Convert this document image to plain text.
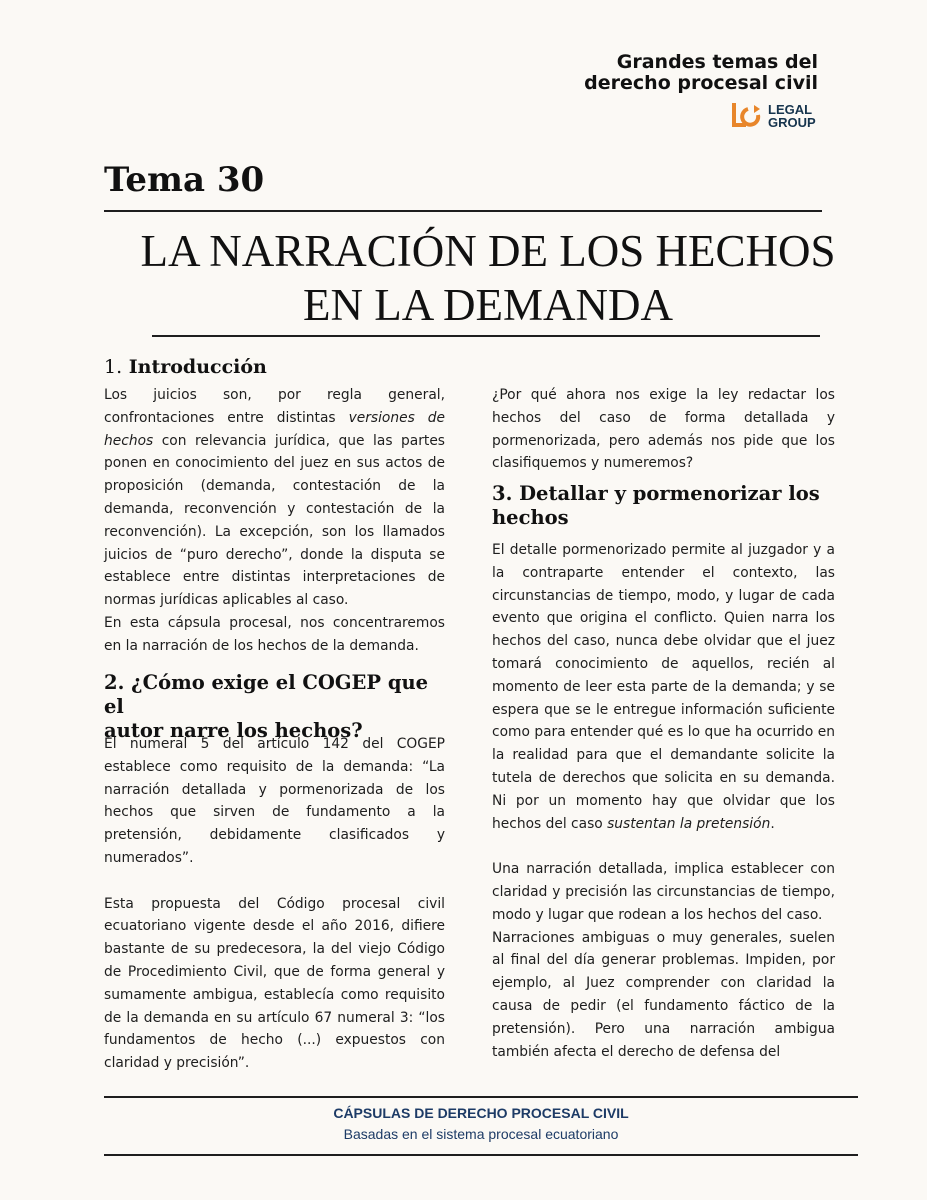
Grandes temas del
derecho procesal civil
LEGAL
GROUP
Tema 30
LA NARRACIÓN DE LOS HECHOS
EN LA DEMANDA
1. Introducción

Los juicios son, por regla general, confrontaciones entre distintas versiones de hechos con relevancia jurídica, que las partes ponen en conocimiento del juez en sus actos de proposición (demanda, contestación de la demanda, reconvención y contestación de la reconvención). La excepción, son los llamados juicios de “puro derecho”, donde la disputa se establece entre distintas interpretaciones de normas jurídicas aplicables al caso.

En esta cápsula procesal, nos concentraremos en la narración de los hechos de la demanda.

2. ¿Cómo exige el COGEP que el
autor narre los hechos?

El numeral 5 del artículo 142 del COGEP establece como requisito de la demanda: “La narración detallada y pormenorizada de los hechos que sirven de fundamento a la pretensión, debidamente clasificados y numerados”.

Esta propuesta del Código procesal civil ecuatoriano vigente desde el año 2016, difiere bastante de su predecesora, la del viejo Código de Procedimiento Civil, que de forma general y sumamente ambigua, establecía como requisito de la demanda en su artículo 67 numeral 3: “los fundamentos de hecho (...) expuestos con claridad y precisión”.

¿Por qué ahora nos exige la ley redactar los hechos del caso de forma detallada y pormenorizada, pero además nos pide que los clasifiquemos y numeremos?

3. Detallar y pormenorizar los
hechos

El detalle pormenorizado permite al juzgador y a la contraparte entender el contexto, las circunstancias de tiempo, modo, y lugar de cada evento que origina el conflicto. Quien narra los hechos del caso, nunca debe olvidar que el juez tomará conocimiento de aquellos, recién al momento de leer esta parte de la demanda; y se espera que se le entregue información suficiente como para entender qué es lo que ha ocurrido en la realidad para que el demandante solicite la tutela de derechos que solicita en su demanda. Ni por un momento hay que olvidar que los hechos del caso sustentan la pretensión.

Una narración detallada, implica establecer con claridad y precisión las circunstancias de tiempo, modo y lugar que rodean a los hechos del caso.

Narraciones ambiguas o muy generales, suelen al final del día generar problemas. Impiden, por ejemplo, al Juez comprender con claridad la causa de pedir (el fundamento fáctico de la pretensión). Pero una narración ambigua también afecta el derecho de defensa del

CÁPSULAS DE DERECHO PROCESAL CIVIL
Basadas en el sistema procesal ecuatoriano
